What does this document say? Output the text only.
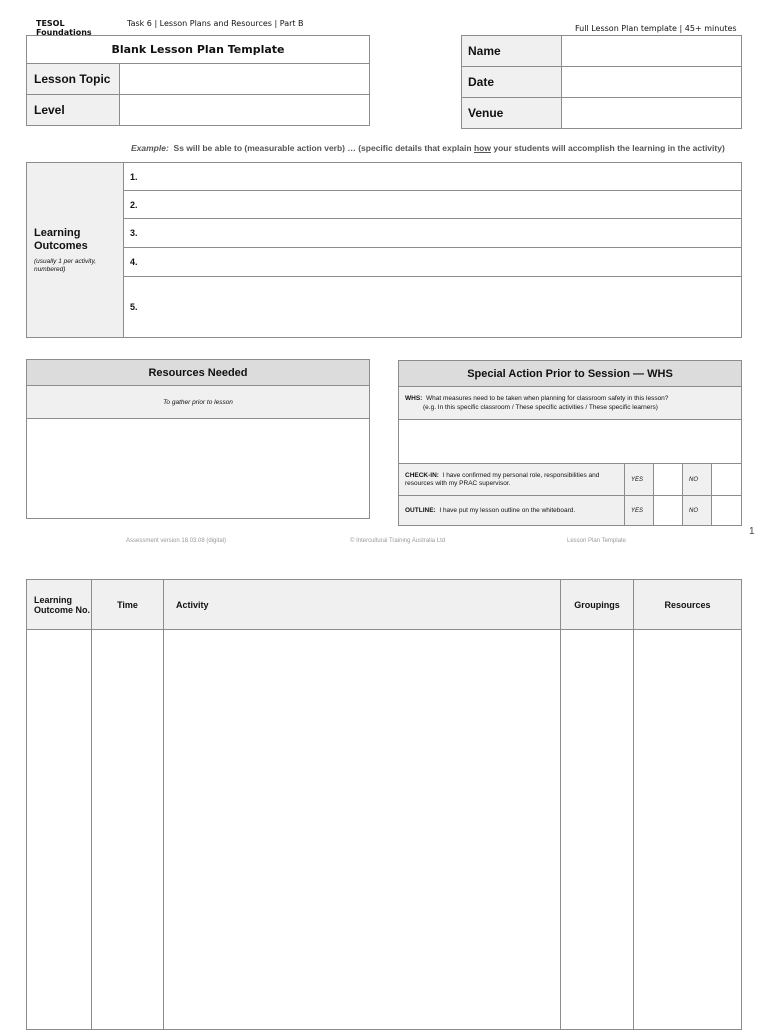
TESOL Foundations
Task 6 | Lesson Plans and Resources | Part B
Full Lesson Plan template | 45+ minutes
Blank Lesson Plan Template	
Lesson Topic	
Level	
Name	
Date	
Venue	
Example: Ss will be able to (measurable action verb) … (specific details that explain how your students will accomplish the learning in the activity)
Learning Outcomes
(usually 1 per activity, numbered)
	1.
2.
3.
4.
5.
Resources Needed
To gather prior to lesson

Special Action Prior to Session — WHS				
WHS: What measures need to be taken when planning for classroom safety in this lesson?
(e.g. In this specific classroom / These specific activities / These specific learners)				

CHECK-IN: I have confirmed my personal role, responsibilities and resources with my PRAC supervisor.	YES		NO	
OUTLINE: I have put my lesson outline on the whiteboard.	YES		NO	
1
Assessment version 18.03.08 (digital)	© Intercultural Training Australia Ltd	Lesson Plan Template
Learning Outcome No.	Time	Activity	Groupings	Resources
